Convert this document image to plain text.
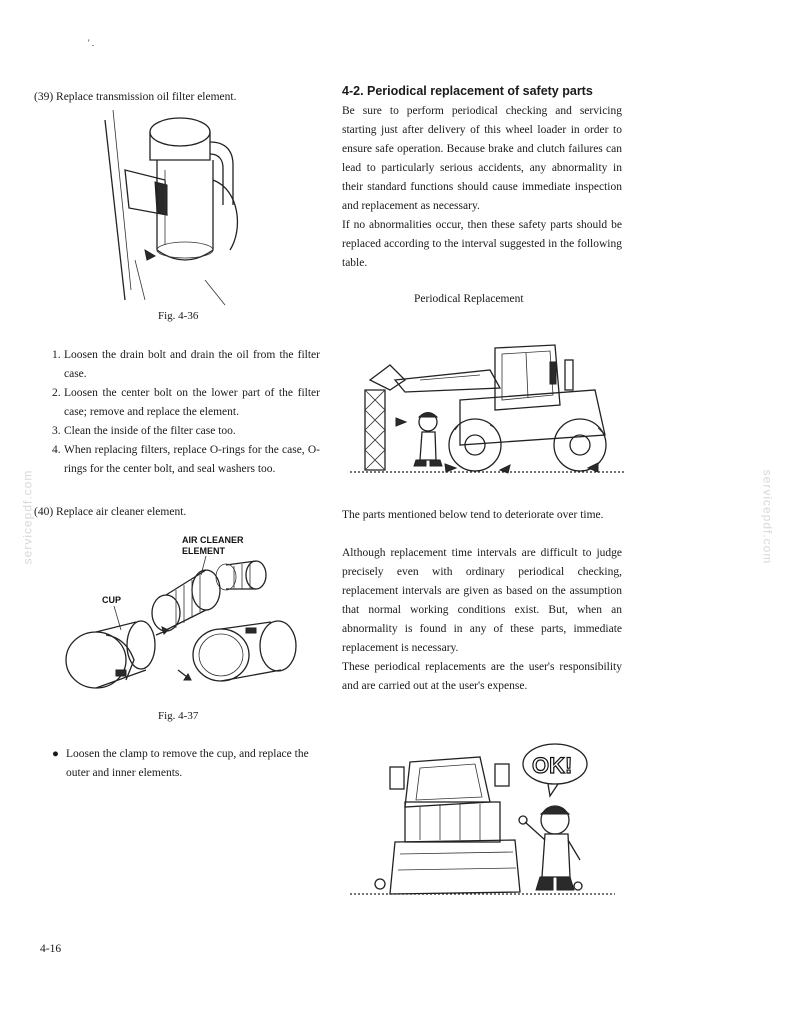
' .
(39) Replace transmission oil filter element.
Fig. 4-36
1. Loosen the drain bolt and drain the oil from the filter case.
2. Loosen the center bolt on the lower part of the filter case; remove and replace the element.
3. Clean the inside of the filter case too.
4. When replacing filters, replace O-rings for the case, O-rings for the center bolt, and seal washers too.
(40) Replace air cleaner element.
AIR CLEANER
ELEMENT
CUP
Fig. 4-37
● Loosen the clamp to remove the cup, and replace the outer and inner elements.
4-16
servicepdf.com	servicepdf.com
4-2. Periodical replacement of safety parts
Be sure to perform periodical checking and servicing starting just after delivery of this wheel loader in order to ensure safe operation. Because brake and clutch failures can lead to particularly serious accidents, any abnormality in their standard functions should cause immediate inspection and replacement as necessary.
If no abnormalities occur, then these safety parts should be replaced according to the interval suggested in the following table.
Periodical Replacement
The parts mentioned below tend to deteriorate over time.
Although replacement time intervals are difficult to judge precisely even with ordinary periodical checking, replacement intervals are given as based on the assumption that normal working conditions exist. But, when an abnormality is found in any of these parts, immediate replacement is necessary.
These periodical replacements are the user's responsibility and are carried out at the user's expense.
OK!
